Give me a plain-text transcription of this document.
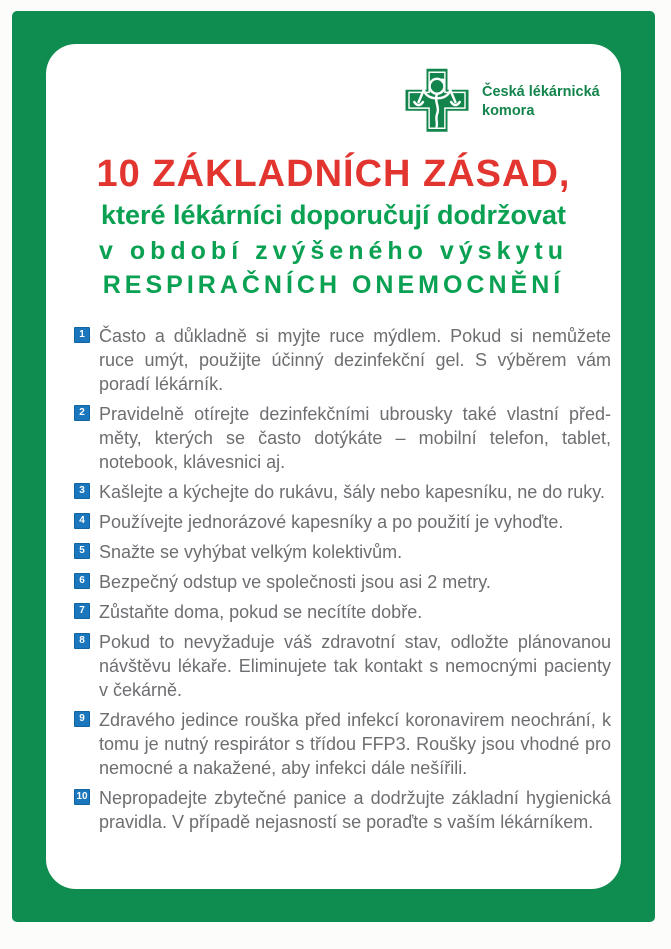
Česká lékárnická
komora
10 ZÁKLADNÍCH ZÁSAD,
které lékárníci doporučují dodržovat
v období zvýšeného výskytu
RESPIRAČNÍCH ONEMOCNĚNÍ
1 Často a důkladně si myjte ruce mýdlem. Pokud si nemůžete ruce umýt, použijte účinný dezinfekční gel. S výběrem vám poradí lékárník.
2 Pravidelně otírejte dezinfekčními ubrousky také vlastní předměty, kterých se často dotýkáte – mobilní telefon, tablet, notebook, klávesnici aj.
3 Kašlejte a kýchejte do rukávu, šály nebo kapesníku, ne do ruky.
4 Používejte jednorázové kapesníky a po použití je vyhoďte.
5 Snažte se vyhýbat velkým kolektivům.
6 Bezpečný odstup ve společnosti jsou asi 2 metry.
7 Zůstaňte doma, pokud se necítíte dobře.
8 Pokud to nevyžaduje váš zdravotní stav, odložte plánovanou návštěvu lékaře. Eliminujete tak kontakt s nemocnými pacienty v čekárně.
9 Zdravého jedince rouška před infekcí koronavirem neochrání, k tomu je nutný respirátor s třídou FFP3. Roušky jsou vhodné pro nemocné a nakažené, aby infekci dále nešířili.
10 Nepropadejte zbytečné panice a dodržujte základní hygienická pravidla. V případě nejasností se poraďte s vaším lékárníkem.
